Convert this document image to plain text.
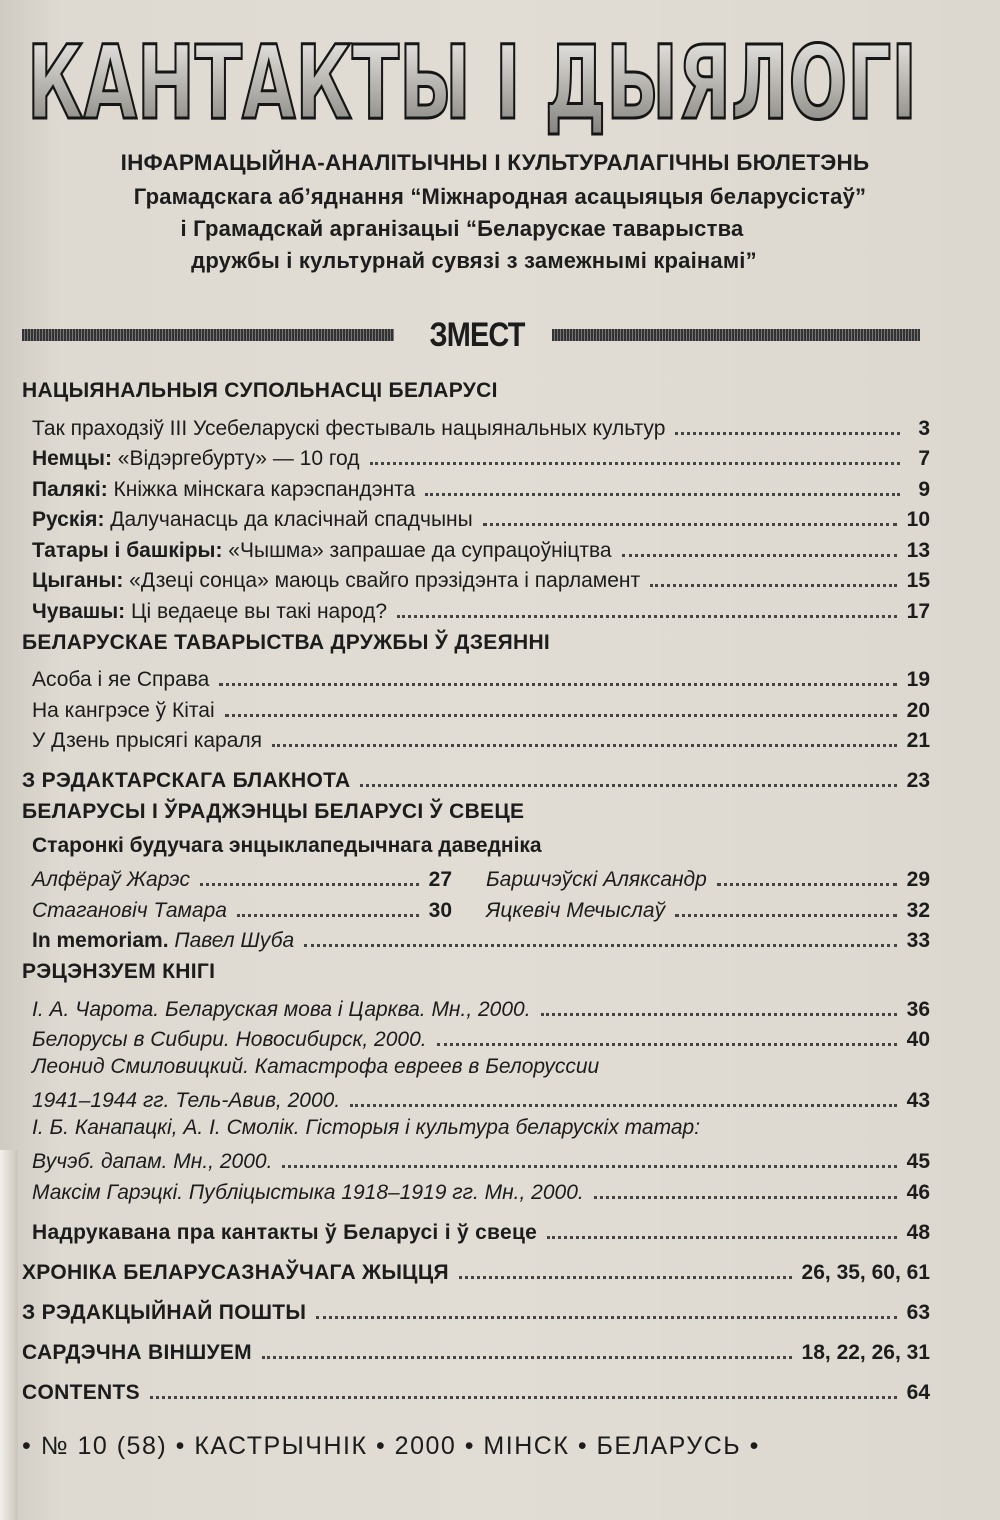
КАНТАКТЫ І ДЫЯЛОГІ
ІНФАРМАЦЫЙНА-АНАЛІТЫЧНЫ І КУЛЬТУРАЛАГІЧНЫ БЮЛЕТЭНЬ
Грамадскага аб’яднання “Міжнародная асацыяцыя беларусістаў”
і Грамадскай арганізацыі “Беларускае таварыства
дружбы і культурнай сувязі з замежнымі краінамі”
ЗМЕСТ
НАЦЫЯНАЛЬНЫЯ СУПОЛЬНАСЦІ БЕЛАРУСІ
Так праходзіў ІІІ Усебеларускі фестываль нацыянальных культур	3
Немцы: «Відэргебурту» — 10 год	7
Палякі: Кніжка мінскага карэспандэнта	9
Рускія: Далучанасць да класічнай спадчыны	10
Татары і башкіры: «Чышма» запрашае да супрацоўніцтва	13
Цыганы: «Дзеці сонца» маюць свайго прэзідэнта і парламент	15
Чувашы: Ці ведаеце вы такі народ?	17
БЕЛАРУСКАЕ ТАВАРЫСТВА ДРУЖБЫ Ў ДЗЕЯННІ
Асоба і яе Справа	19
На кангрэсе ў Кітаі	20
У Дзень прысягі караля	21
З РЭДАКТАРСКАГА БЛАКНОТА	23
БЕЛАРУСЫ І ЎРАДЖЭНЦЫ БЕЛАРУСІ Ў СВЕЦЕ
Старонкі будучага энцыклапедычнага даведніка
Алфёраў Жарэс	27	Баршчэўскі Аляксандр	29
Стагановіч Тамара	30	Яцкевіч Мечыслаў	32
In memoriam. Павел Шуба	33
РЭЦЭНЗУЕМ КНІГІ
І. А. Чарота. Беларуская мова і Царква. Мн., 2000.	36
Белорусы в Сибири. Новосибирск, 2000.	40
Леонид Смиловицкий. Катастрофа евреев в Белоруссии
1941–1944 гг. Тель-Авив, 2000.	43
І. Б. Канапацкі, А. І. Смолік. Гісторыя і культура беларускіх татар:
Вучэб. дапам. Мн., 2000.	45
Максім Гарэцкі. Публіцыстыка 1918–1919 гг. Мн., 2000.	46
Надрукавана пра кантакты ў Беларусі і ў свеце	48
ХРОНІКА БЕЛАРУСАЗНАЎЧАГА ЖЫЦЦЯ	26, 35, 60, 61
З РЭДАКЦЫЙНАЙ ПОШТЫ	63
САРДЭЧНА ВІНШУЕМ	18, 22, 26, 31
CONTENTS	64
• № 10 (58) • КАСТРЫЧНІК • 2000 • МІНСК • БЕЛАРУСЬ •
